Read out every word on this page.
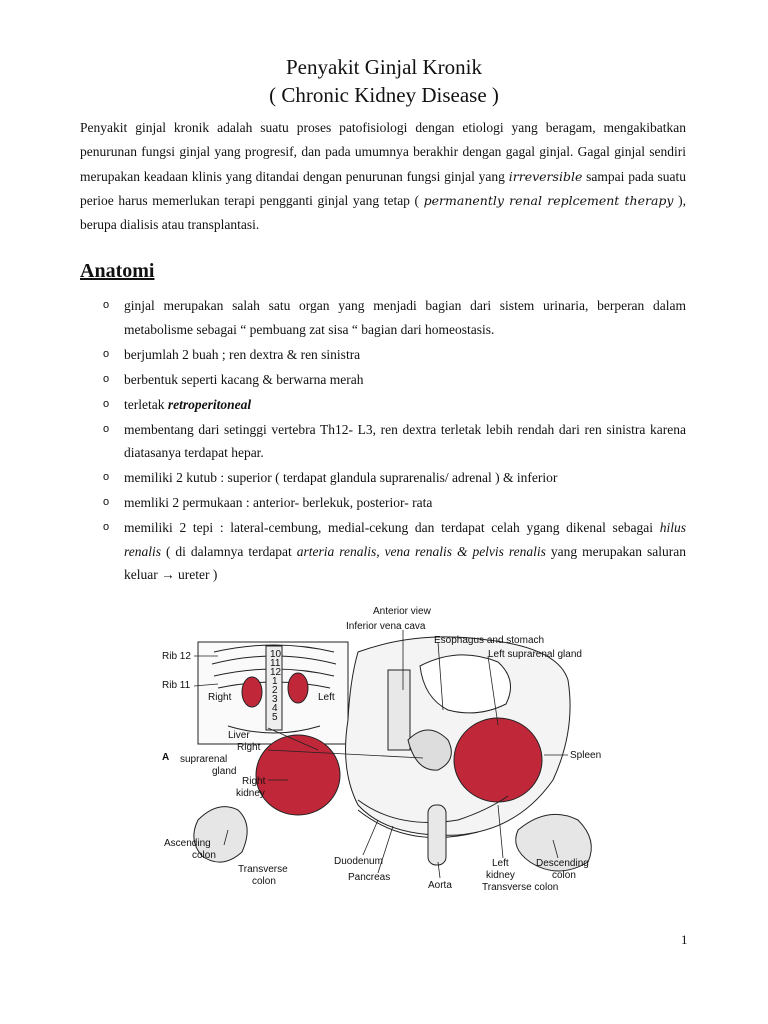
Penyakit Ginjal Kronik
( Chronic Kidney Disease )

Penyakit ginjal kronik adalah suatu proses patofisiologi dengan etiologi yang beragam, mengakibatkan penurunan fungsi ginjal yang progresif, dan pada umumnya berakhir dengan gagal ginjal. Gagal ginjal sendiri merupakan keadaan klinis yang ditandai dengan penurunan fungsi ginjal yang irreversible sampai pada suatu perioe harus memerlukan terapi pengganti ginjal yang tetap ( permanently renal replcement therapy ), berupa dialisis atau transplantasi.

Anatomi
o ginjal merupakan salah satu organ yang menjadi bagian dari sistem urinaria, berperan dalam metabolisme sebagai “ pembuang zat sisa “ bagian dari homeostasis.
o berjumlah 2 buah ; ren dextra & ren sinistra
o berbentuk seperti kacang & berwarna merah
o terletak retroperitoneal
o membentang dari setinggi vertebra Th12- L3, ren dextra terletak lebih rendah dari ren sinistra karena diatasanya terdapat hepar.
o memiliki 2 kutub : superior ( terdapat glandula suprarenalis/ adrenal ) & inferior
o memliki 2 permukaan : anterior- berlekuk, posterior- rata
o memiliki 2 tepi : lateral-cembung, medial-cekung dan terdapat celah ygang dikenal sebagai hilus renalis ( di dalamnya terdapat arteria renalis, vena renalis & pelvis renalis yang merupakan saluran keluar → ureter )
10
11
12
1
2
3
4
5
Anterior view
Inferior vena cava
Esophagus and stomach
Left suprarenal gland
Rib 12
Rib 11
Right	Left
Liver
Right
suprarenal
gland
Right
kidney
A	Spleen
Ascending
colon
Duodenum
Transverse
colon	Pancreas
Aorta
Left
kidney
Descending
colon
Transverse colon
1
